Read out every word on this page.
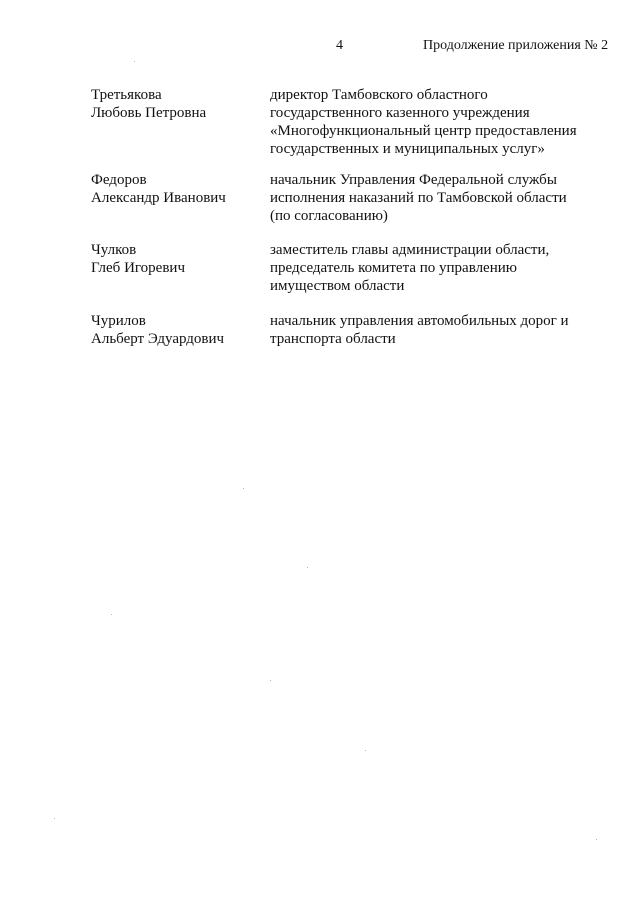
4	Продолжение приложения № 2
Третьякова
Любовь Петровна
директор Тамбовского областного
государственного казенного учреждения
«Многофункциональный центр предоставления
государственных и муниципальных услуг»
Федоров
Александр Иванович
начальник Управления Федеральной службы
исполнения наказаний по Тамбовской области
(по согласованию)
Чулков
Глеб Игоревич
заместитель главы администрации области,
председатель комитета по управлению
имуществом области
Чурилов
Альберт Эдуардович
начальник управления автомобильных дорог и
транспорта области
